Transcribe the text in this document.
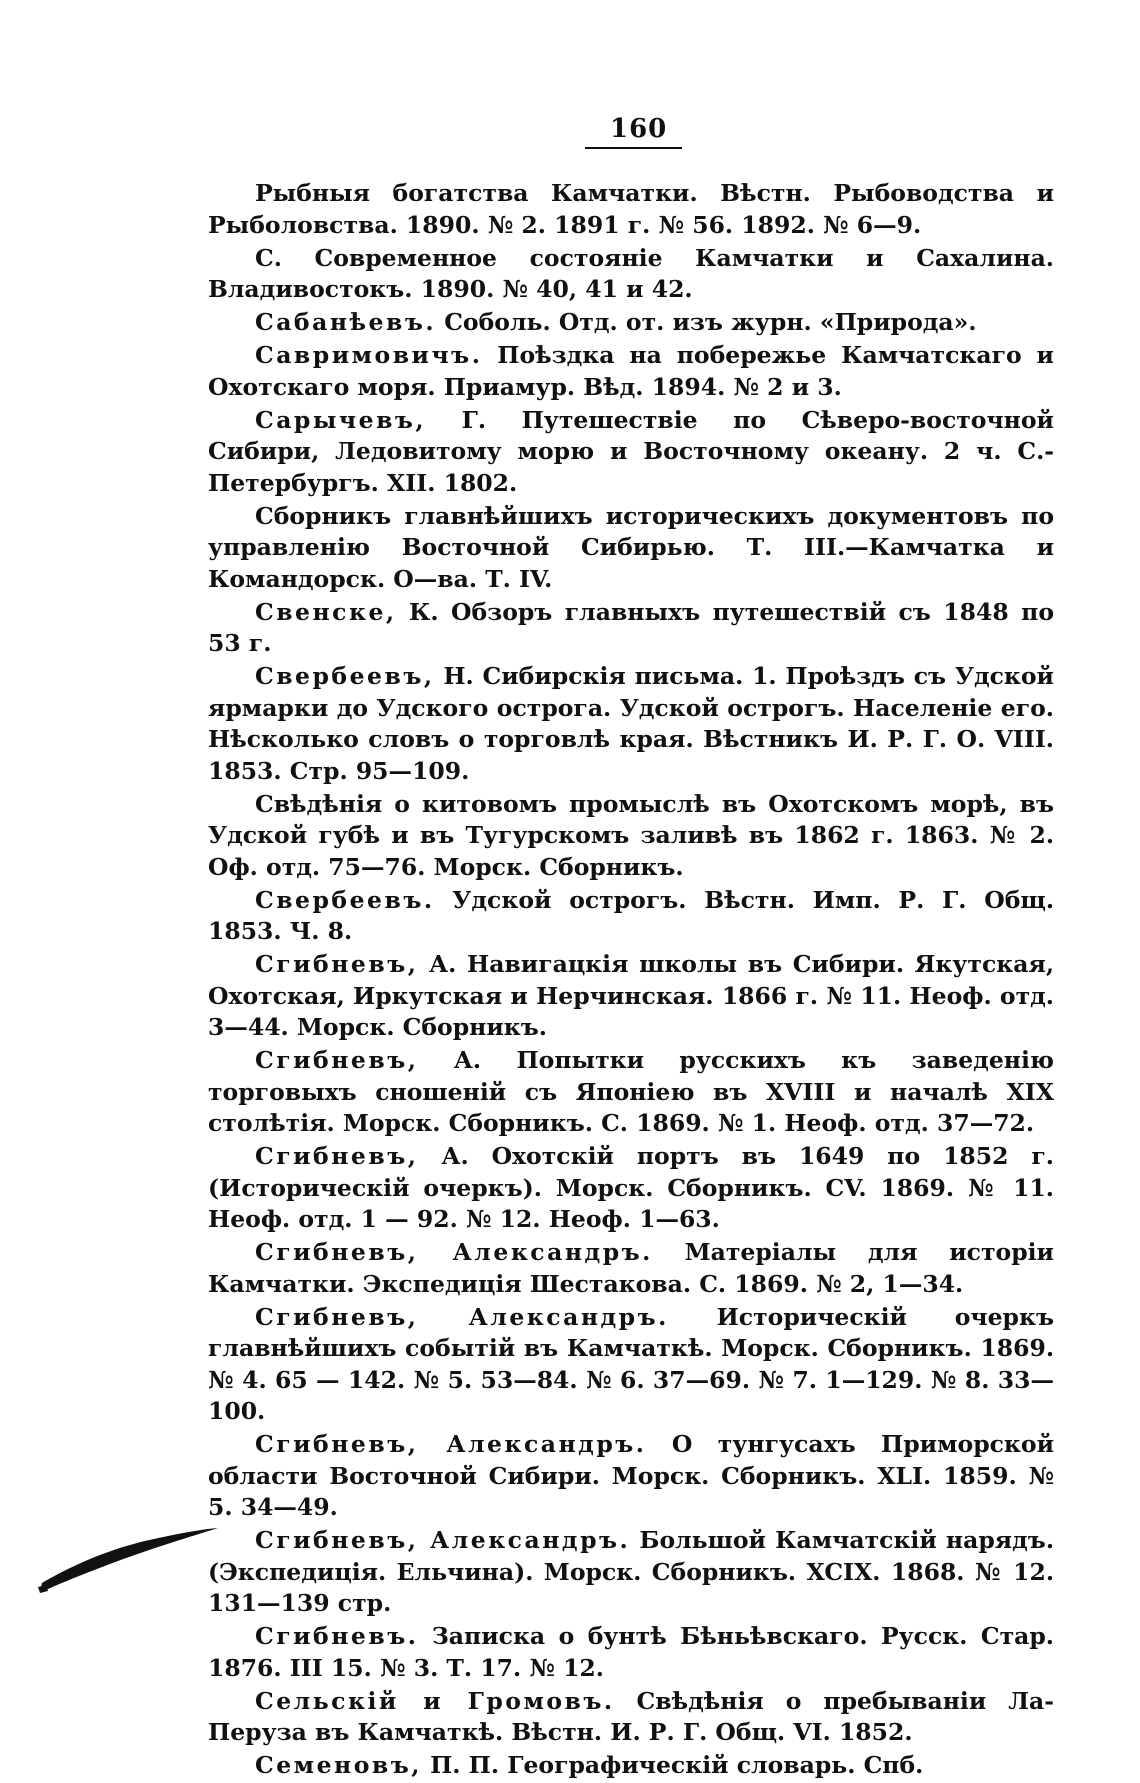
160

Рыбныя богатства Камчатки. Вѣстн. Рыбоводства и Рыболовства. 1890. № 2. 1891 г. № 56. 1892. № 6—9.

С. Современное состояніе Камчатки и Сахалина. Владивостокъ. 1890. № 40, 41 и 42.

Сабанѣевъ. Соболь. Отд. от. изъ журн. «Природа».

Савримовичъ. Поѣздка на побережье Камчатскаго и Охотскаго моря. Приамур. Вѣд. 1894. № 2 и 3.

Сарычевъ, Г. Путешествіе по Сѣверо-восточной Сибири, Ледовитому морю и Восточному океану. 2 ч. С.-Петербургъ. XII. 1802.

Сборникъ главнѣйшихъ историческихъ документовъ по управленію Восточной Сибирью. Т. III.—Камчатка и Командорск. О—ва. Т. IV.

Свенске, К. Обзоръ главныхъ путешествій съ 1848 по 53 г.

Свербеевъ, Н. Сибирскія письма. 1. Проѣздъ съ Удской ярмарки до Удского острога. Удской острогъ. Населеніе его. Нѣсколько словъ о торговлѣ края. Вѣстникъ И. Р. Г. О. VIII. 1853. Стр. 95—109.

Свѣдѣнія о китовомъ промыслѣ въ Охотскомъ морѣ, въ Удской губѣ и въ Тугурскомъ заливѣ въ 1862 г. 1863. № 2. Оф. отд. 75—76. Морск. Сборникъ.

Свербеевъ. Удской острогъ. Вѣстн. Имп. Р. Г. Общ. 1853. Ч. 8.

Сгибневъ, А. Навигацкія школы въ Сибири. Якутская, Охотская, Иркутская и Нерчинская. 1866 г. № 11. Неоф. отд. 3—44. Морск. Сборникъ.

Сгибневъ, А. Попытки русскихъ къ заведенію торговыхъ сношеній съ Японіею въ XVIII и началѣ XIX столѣтія. Морск. Сборникъ. С. 1869. № 1. Неоф. отд. 37—72.

Сгибневъ, А. Охотскій портъ въ 1649 по 1852 г. (Историческій очеркъ). Морск. Сборникъ. CV. 1869. № 11. Неоф. отд. 1 — 92. № 12. Неоф. 1—63.

Сгибневъ, Александръ. Матеріалы для исторіи Камчатки. Экспедиція Шестакова. С. 1869. № 2, 1—34.

Сгибневъ, Александръ. Историческій очеркъ главнѣйшихъ событій въ Камчаткѣ. Морск. Сборникъ. 1869. № 4. 65 — 142. № 5. 53—84. № 6. 37—69. № 7. 1—129. № 8. 33—100.

Сгибневъ, Александръ. О тунгусахъ Приморской области Восточной Сибири. Морск. Сборникъ. XLI. 1859. № 5. 34—49.

Сгибневъ, Александръ. Большой Камчатскій нарядъ. (Экспедиція. Ельчина). Морск. Сборникъ. XCIX. 1868. № 12. 131—139 стр.

Сгибневъ. Записка о бунтѣ Бѣньѣвскаго. Русск. Стар. 1876. III 15. № 3. Т. 17. № 12.

Сельскій и Громовъ. Свѣдѣнія о пребываніи Ла-Перуза въ Камчаткѣ. Вѣстн. И. Р. Г. Общ. VI. 1852.

Семеновъ, П. П. Географическій словарь. Спб.
